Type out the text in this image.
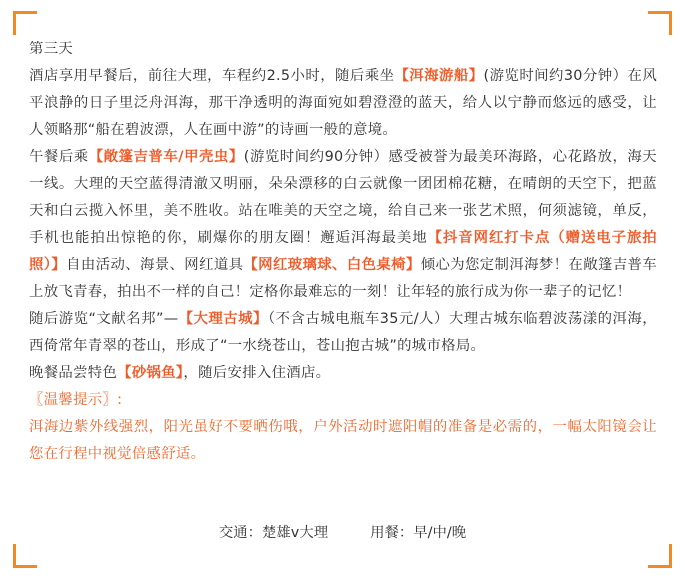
第三天

酒店享用早餐后，前往大理，车程约2.5小时，随后乘坐【洱海游船】(游览时间约30分钟）在风平浪静的日子里泛舟洱海，那干净透明的海面宛如碧澄澄的蓝天，给人以宁静而悠远的感受，让人领略那“船在碧波漂，人在画中游”的诗画一般的意境。

午餐后乘【敞篷吉普车/甲壳虫】(游览时间约90分钟）感受被誉为最美环海路，心花路放，海天一线。大理的天空蓝得清澈又明丽，朵朵漂移的白云就像一团团棉花糖，在晴朗的天空下，把蓝天和白云揽入怀里，美不胜收。站在唯美的天空之境，给自己来一张艺术照，何须滤镜，单反，手机也能拍出惊艳的你，刷爆你的朋友圈！邂逅洱海最美地【抖音网红打卡点（赠送电子旅拍照）】自由活动、海景、网红道具【网红玻璃球、白色桌椅】倾心为您定制洱海梦！在敞篷吉普车上放飞青春，拍出不一样的自己！定格你最难忘的一刻！让年轻的旅行成为你一辈子的记忆！

随后游览“文献名邦”—【大理古城】（不含古城电瓶车35元/人）大理古城东临碧波荡漾的洱海，西倚常年青翠的苍山，形成了“一水绕苍山，苍山抱古城”的城市格局。

晚餐品尝特色【砂锅鱼】，随后安排入住酒店。

〖温馨提示〗:

洱海边紫外线强烈，阳光虽好不要晒伤哦，户外活动时遮阳帽的准备是必需的，一幅太阳镜会让您在行程中视觉倍感舒适。

交通：楚雄v大理	用餐：早/中/晚
